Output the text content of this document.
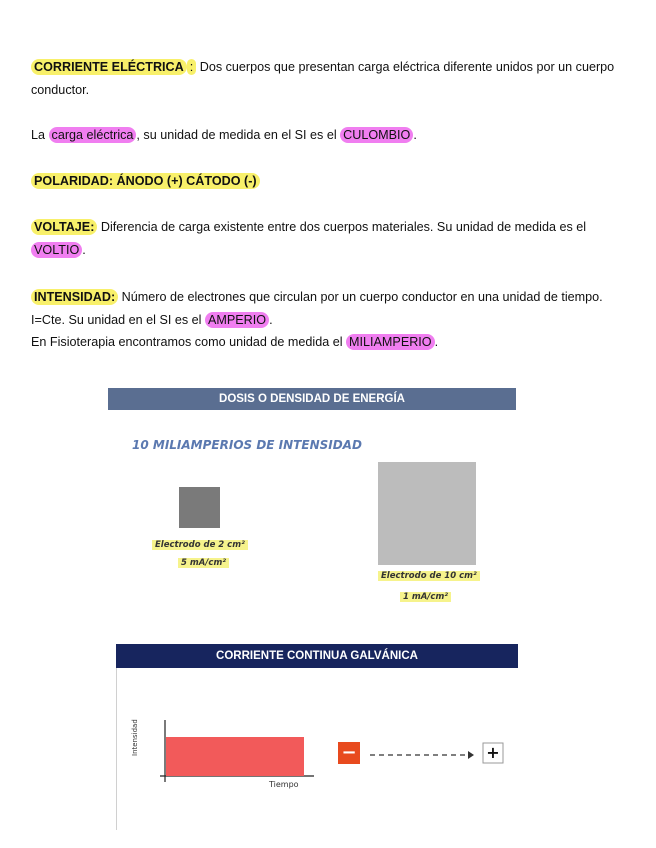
CORRIENTE ELÉCTRICA : Dos cuerpos que presentan carga eléctrica diferente unidos por un cuerpo conductor.
La carga eléctrica , su unidad de medida en el SI es el CULOMBIO .
POLARIDAD: ÁNODO (+) CÁTODO (-)
VOLTAJE: Diferencia de carga existente entre dos cuerpos materiales. Su unidad de medida es el VOLTIO .
INTENSIDAD: Número de electrones que circulan por un cuerpo conductor en una unidad de tiempo. I=Cte. Su unidad en el SI es el AMPERIO .
En Fisioterapia encontramos como unidad de medida el MILIAMPERIO .
DOSIS O DENSIDAD DE ENERGÍA
10 MILIAMPERIOS DE INTENSIDAD
Electrodo de 2 cm²
5 mA/cm²
Electrodo de 10 cm²
1 mA/cm²
CORRIENTE CONTINUA GALVÁNICA
Intensidad
Tiempo
−	+
